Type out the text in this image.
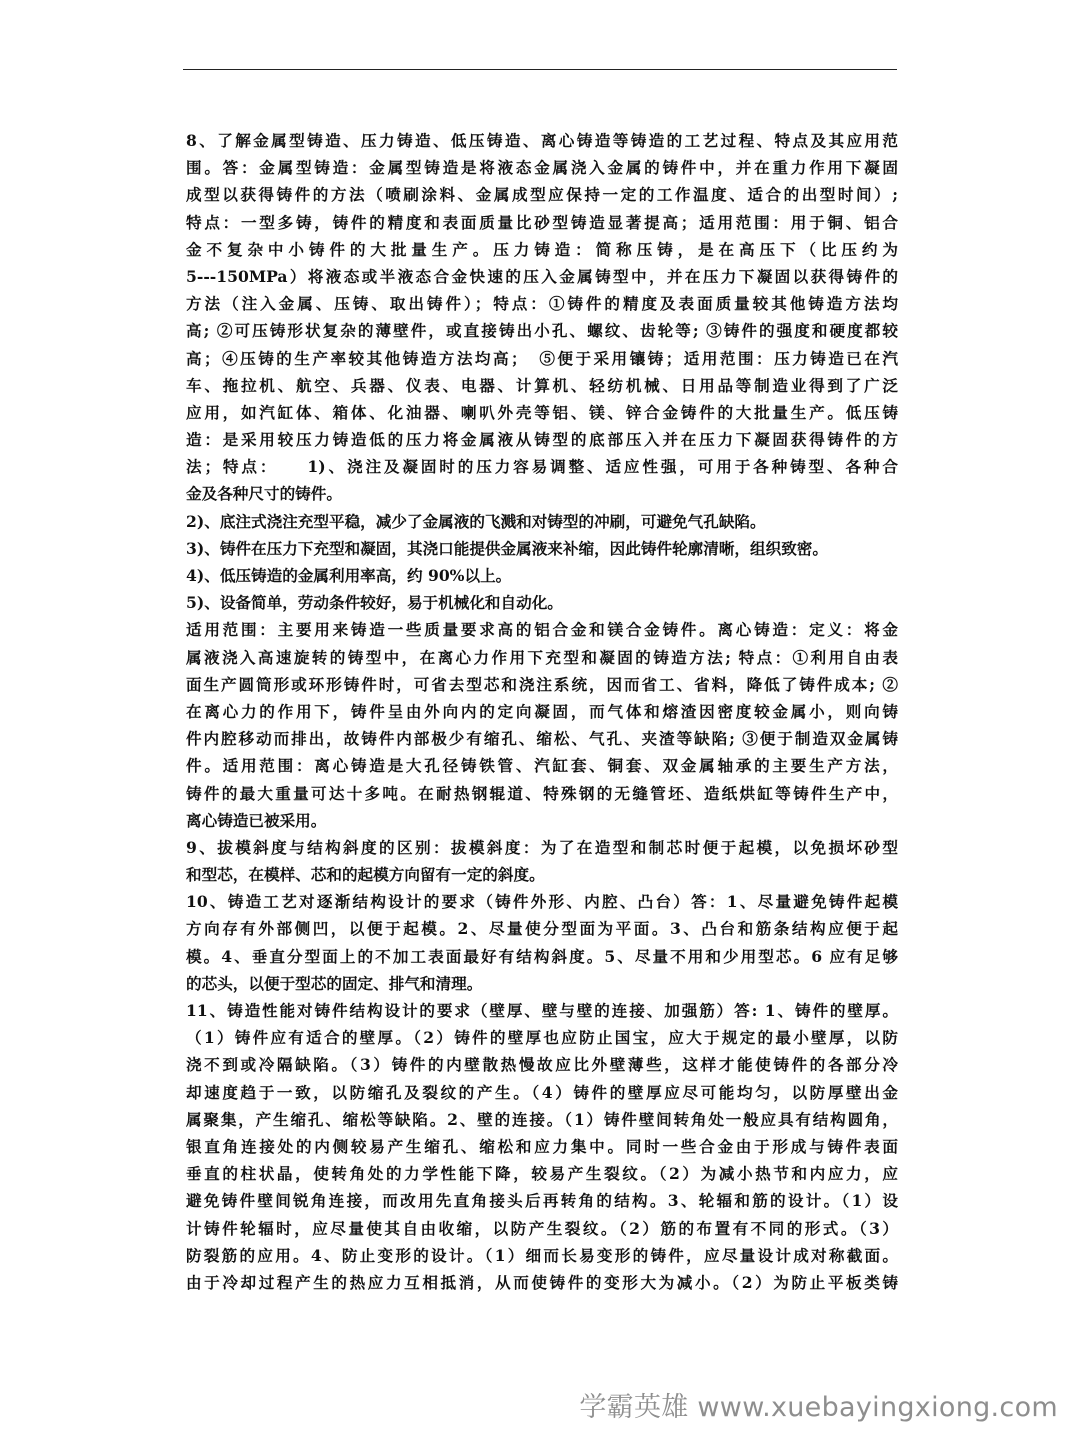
8、了解金属型铸造、压力铸造、低压铸造、离心铸造等铸造的工艺过程、特点及其应用范
围。答：金属型铸造：金属型铸造是将液态金属浇入金属的铸件中，并在重力作用下凝固
成型以获得铸件的方法（喷刷涂料、金属成型应保持一定的工作温度、适合的出型时间）;
特点：一型多铸，铸件的精度和表面质量比砂型铸造显著提高；适用范围：用于铜、铝合
金不复杂中小铸件的大批量生产。压力铸造：简称压铸，是在高压下（比压约为
5---150MPa）将液态或半液态合金快速的压入金属铸型中，并在压力下凝固以获得铸件的
方法（注入金属、压铸、取出铸件）；特点：①铸件的精度及表面质量较其他铸造方法均
高; ②可压铸形状复杂的薄壁件，或直接铸出小孔、螺纹、齿轮等; ③铸件的强度和硬度都较
高；④压铸的生产率较其他铸造方法均高；　⑤便于采用镶铸；适用范围：压力铸造已在汽
车、拖拉机、航空、兵器、仪表、电器、计算机、轻纺机械、日用品等制造业得到了广泛
应用，如汽缸体、箱体、化油器、喇叭外壳等铝、镁、锌合金铸件的大批量生产。低压铸
造：是采用较压力铸造低的压力将金属液从铸型的底部压入并在压力下凝固获得铸件的方
法；特点：　　1)、浇注及凝固时的压力容易调整、适应性强，可用于各种铸型、各种合
金及各种尺寸的铸件。
2)、底注式浇注充型平稳，减少了金属液的飞溅和对铸型的冲刷，可避免气孔缺陷。
3)、铸件在压力下充型和凝固，其浇口能提供金属液来补缩，因此铸件轮廓清晰，组织致密。
4)、低压铸造的金属利用率高，约 90%以上。
5)、设备简单，劳动条件较好，易于机械化和自动化。
适用范围：主要用来铸造一些质量要求高的铝合金和镁合金铸件。离心铸造：定义：将金
属液浇入高速旋转的铸型中，在离心力作用下充型和凝固的铸造方法; 特点：①利用自由表
面生产圆筒形或环形铸件时，可省去型芯和浇注系统，因而省工、省料，降低了铸件成本; ②
在离心力的作用下，铸件呈由外向内的定向凝固，而气体和熔渣因密度较金属小，则向铸
件内腔移动而排出，故铸件内部极少有缩孔、缩松、气孔、夹渣等缺陷; ③便于制造双金属铸
件。适用范围：离心铸造是大孔径铸铁管、汽缸套、铜套、双金属轴承的主要生产方法，
铸件的最大重量可达十多吨。在耐热钢辊道、特殊钢的无缝管坯、造纸烘缸等铸件生产中，
离心铸造已被采用。
9、拔模斜度与结构斜度的区别：拔模斜度：为了在造型和制芯时便于起模，以免损坏砂型
和型芯，在模样、芯和的起模方向留有一定的斜度。
10、铸造工艺对逐渐结构设计的要求（铸件外形、内腔、凸台）答：1、尽量避免铸件起模
方向存有外部侧凹，以便于起模。2、尽量使分型面为平面。3、凸台和筋条结构应便于起
模。4、垂直分型面上的不加工表面最好有结构斜度。5、尽量不用和少用型芯。6 应有足够
的芯头，以便于型芯的固定、排气和清理。
11、铸造性能对铸件结构设计的要求（壁厚、壁与壁的连接、加强筋）答: 1、铸件的壁厚。
（1）铸件应有适合的壁厚。（2）铸件的壁厚也应防止国宝，应大于规定的最小壁厚，以防
浇不到或冷隔缺陷。（3）铸件的内壁散热慢故应比外壁薄些，这样才能使铸件的各部分冷
却速度趋于一致，以防缩孔及裂纹的产生。（4）铸件的壁厚应尽可能均匀，以防厚壁出金
属聚集，产生缩孔、缩松等缺陷。2、壁的连接。（1）铸件壁间转角处一般应具有结构圆角，
银直角连接处的内侧较易产生缩孔、缩松和应力集中。同时一些合金由于形成与铸件表面
垂直的柱状晶，使转角处的力学性能下降，较易产生裂纹。（2）为减小热节和内应力，应
避免铸件壁间锐角连接，而改用先直角接头后再转角的结构。3、轮辐和筋的设计。（1）设
计铸件轮辐时，应尽量使其自由收缩，以防产生裂纹。（2）筋的布置有不同的形式。（3）
防裂筋的应用。4、防止变形的设计。（1）细而长易变形的铸件，应尽量设计成对称截面。
由于冷却过程产生的热应力互相抵消，从而使铸件的变形大为减小。（2）为防止平板类铸
学霸英雄 www.xuebayingxiong.com
